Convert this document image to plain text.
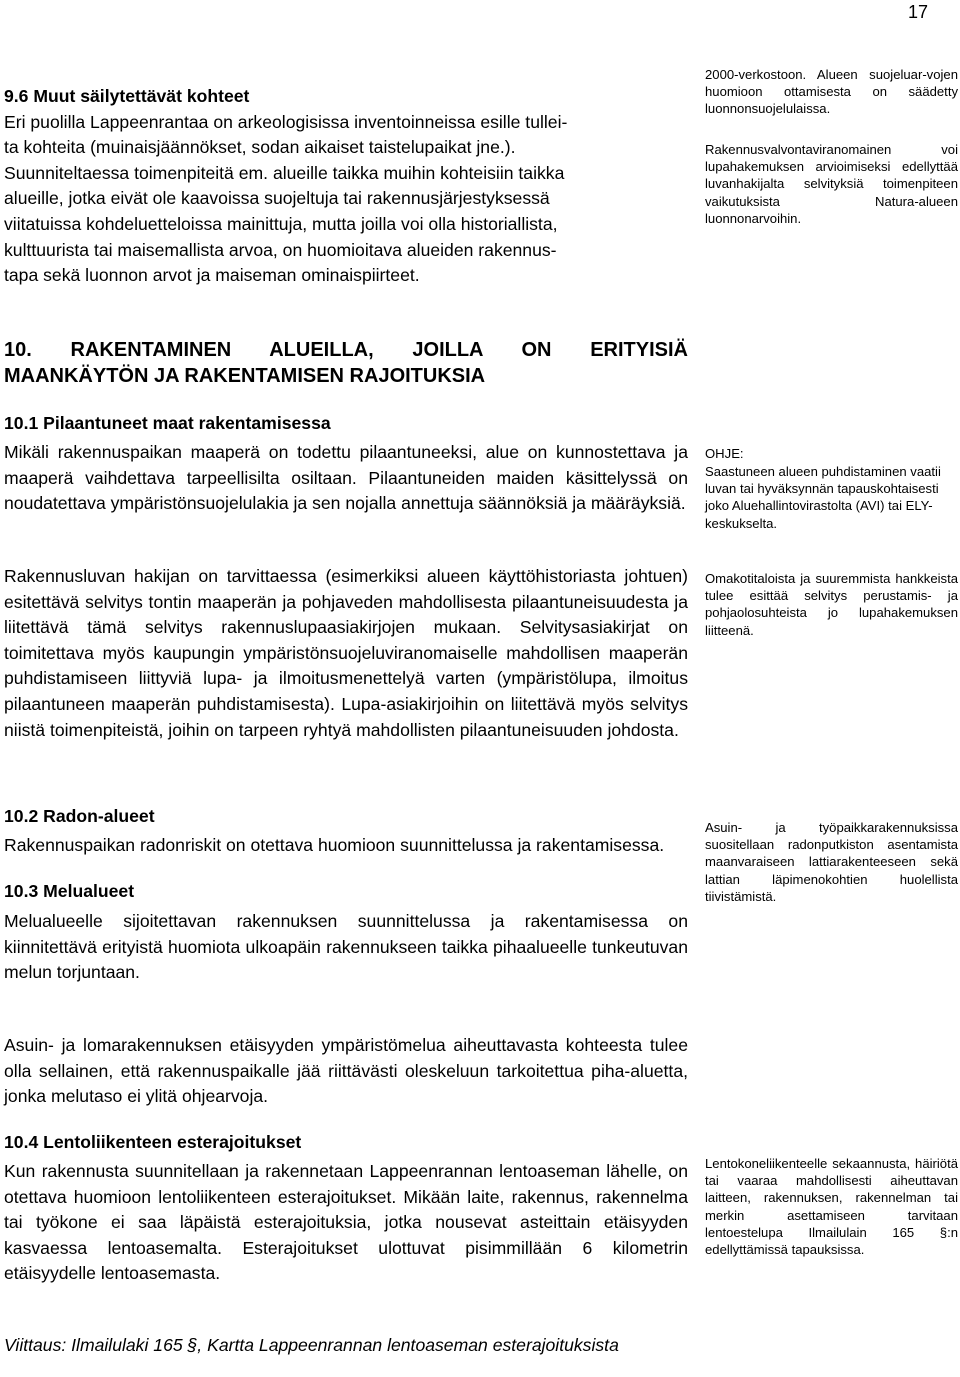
17

9.6 Muut säilytettävät kohteet

Eri puolilla Lappeenrantaa on arkeologisissa inventoinneissa esille tullei-

ta kohteita (muinaisjäännökset, sodan aikaiset taistelupaikat jne.).

Suunniteltaessa toimenpiteitä em. alueille taikka muihin kohteisiin taikka

alueille, jotka eivät ole kaavoissa suojeltuja tai rakennusjärjestyksessä

viitatuissa kohdeluetteloissa mainittuja, mutta joilla voi olla historiallista,

kulttuurista tai maisemallista arvoa, on huomioitava alueiden rakennus-

tapa sekä luonnon arvot ja maiseman ominaispiirteet.

2000-verkostoon. Alueen suojeluar-vojen huomioon ottamisesta on säädetty luonnonsuojelulaissa.

Rakennusvalvontaviranomainen voi lupahakemuksen arvioimiseksi edellyttää luvanhakijalta selvityksiä toimenpiteen vaikutuksista Natura-alueen luonnonarvoihin.

10. RAKENTAMINEN ALUEILLA, JOILLA ON ERITYISIÄ
MAANKÄYTÖN JA RAKENTAMISEN RAJOITUKSIA

10.1 Pilaantuneet maat rakentamisessa

Mikäli rakennuspaikan maaperä on todettu pilaantuneeksi, alue on kunnostettava ja maaperä vaihdettava tarpeellisilta osiltaan. Pilaantuneiden maiden käsittelyssä on noudatettava ympäristönsuojelulakia ja sen nojalla annettuja säännöksiä ja määräyksiä.
Rakennusluvan hakijan on tarvittaessa (esimerkiksi alueen käyttöhistoriasta johtuen) esitettävä selvitys tontin maaperän ja pohjaveden mahdollisesta pilaantuneisuudesta ja liitettävä tämä selvitys rakennuslupaasiakirjojen mukaan. Selvitysasiakirjat on toimitettava myös kaupungin ympäristönsuojeluviranomaiselle mahdollisen maaperän puhdistamiseen liittyviä lupa- ja ilmoitusmenettelyä varten (ympäristölupa, ilmoitus pilaantuneen maaperän puhdistamisesta). Lupa-asiakirjoihin on liitettävä myös selvitys niistä toimenpiteistä, joihin on tarpeen ryhtyä mahdollisten pilaantuneisuuden johdosta.
OHJE:
Saastuneen alueen puhdistaminen vaatii luvan tai hyväksynnän tapauskohtaisesti joko Aluehallintovirastolta (AVI) tai ELY- keskukselta.
Omakotitaloista ja suuremmista hankkeista tulee esittää selvitys perustamis- ja pohjaolosuhteista jo lupahakemuksen liitteenä.

10.2 Radon-alueet

Rakennuspaikan radonriskit on otettava huomioon suunnittelussa ja rakentamisessa.
Asuin- ja työpaikkarakennuksissa suositellaan radonputkiston asentamista maanvaraiseen lattiarakenteeseen sekä lattian läpimenokohtien huolellista tiivistämistä.

10.3 Melualueet

Melualueelle sijoitettavan rakennuksen suunnittelussa ja rakentamisessa on kiinnitettävä erityistä huomiota ulkoapäin rakennukseen taikka pihaalueelle tunkeutuvan melun torjuntaan.
Asuin- ja lomarakennuksen etäisyyden ympäristömelua aiheuttavasta kohteesta tulee olla sellainen, että rakennuspaikalle jää riittävästi oleskeluun tarkoitettua piha-aluetta, jonka melutaso ei ylitä ohjearvoja.

10.4 Lentoliikenteen esterajoitukset

Kun rakennusta suunnitellaan ja rakennetaan Lappeenrannan lentoaseman lähelle, on otettava huomioon lentoliikenteen esterajoitukset. Mikään laite, rakennus, rakennelma tai työkone ei saa läpäistä esterajoituksia, jotka nousevat asteittain etäisyyden kasvaessa lentoasemalta. Esterajoitukset ulottuvat pisimmillään 6 kilometrin etäisyydelle lentoasemasta.
Lentokoneliikenteelle sekaannusta, häiriötä tai vaaraa mahdollisesti aiheuttavan laitteen, rakennuksen, rakennelman tai merkin asettamiseen tarvitaan lentoestelupa Ilmailulain 165 §:n edellyttämissä tapauksissa.
Viittaus: Ilmailulaki 165 §, Kartta Lappeenrannan lentoaseman esterajoituksista
